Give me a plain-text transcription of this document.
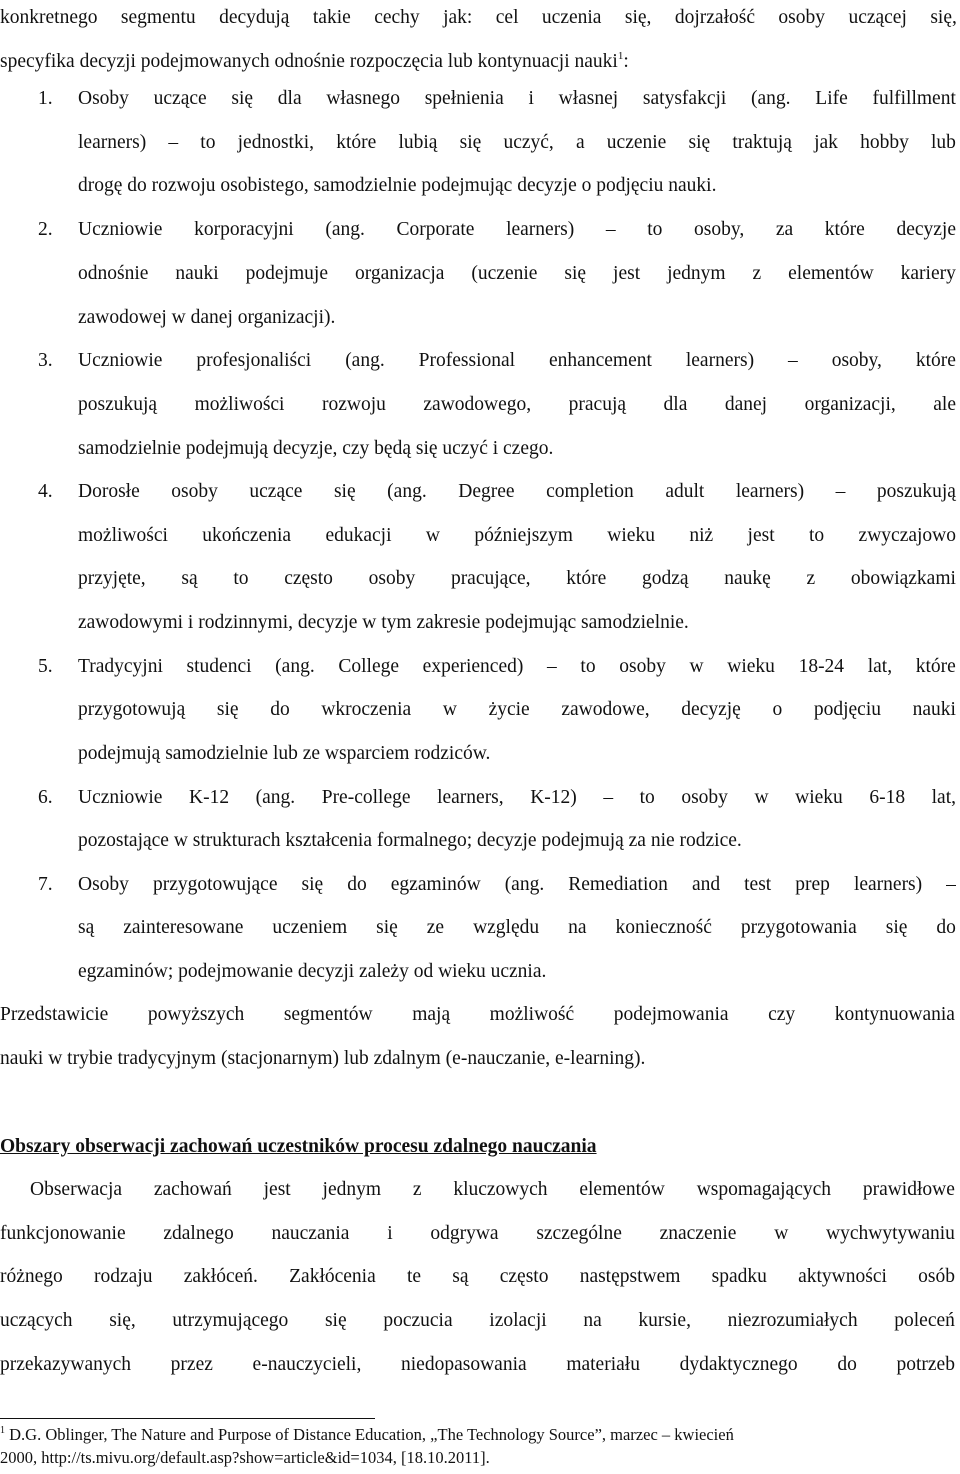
konkretnego segmentu decydują takie cechy jak: cel uczenia się, dojrzałość osoby uczącej się,
specyfika decyzji podejmowanych odnośnie rozpoczęcia lub kontynuacji nauki$^1$:
1. Osoby uczące się dla własnego spełnienia i własnej satysfakcji (ang. Life fulfillment
learners) – to jednostki, które lubią się uczyć, a uczenie się traktują jak hobby lub
drogę do rozwoju osobistego, samodzielnie podejmując decyzje o podjęciu nauki.
2. Uczniowie korporacyjni (ang. Corporate learners) – to osoby, za które decyzje
odnośnie nauki podejmuje organizacja (uczenie się jest jednym z elementów kariery
zawodowej w danej organizacji).
3. Uczniowie profesjonaliści (ang. Professional enhancement learners) – osoby, które
poszukują możliwości rozwoju zawodowego, pracują dla danej organizacji, ale
samodzielnie podejmują decyzje, czy będą się uczyć i czego.
4. Dorosłe osoby uczące się (ang. Degree completion adult learners) – poszukują
możliwości ukończenia edukacji w późniejszym wieku niż jest to zwyczajowo
przyjęte, są to często osoby pracujące, które godzą naukę z obowiązkami
zawodowymi i rodzinnymi, decyzje w tym zakresie podejmując samodzielnie.
5. Tradycyjni studenci (ang. College experienced) – to osoby w wieku 18-24 lat, które
przygotowują się do wkroczenia w życie zawodowe, decyzję o podjęciu nauki
podejmują samodzielnie lub ze wsparciem rodziców.
6. Uczniowie K-12 (ang. Pre-college learners, K-12) – to osoby w wieku 6-18 lat,
pozostające w strukturach kształcenia formalnego; decyzje podejmują za nie rodzice.
7. Osoby przygotowujące się do egzaminów (ang. Remediation and test prep learners) –
są zainteresowane uczeniem się ze względu na konieczność przygotowania się do
egzaminów; podejmowanie decyzji zależy od wieku ucznia.
Przedstawicie powyższych segmentów mają możliwość podejmowania czy kontynuowania
nauki w trybie tradycyjnym (stacjonarnym) lub zdalnym (e-nauczanie, e-learning).
Obszary obserwacji zachowań uczestników procesu zdalnego nauczania
Obserwacja zachowań jest jednym z kluczowych elementów wspomagających prawidłowe
funkcjonowanie zdalnego nauczania i odgrywa szczególne znaczenie w wychwytywaniu
różnego rodzaju zakłóceń. Zakłócenia te są często następstwem spadku aktywności osób
uczących się, utrzymującego się poczucia izolacji na kursie, niezrozumiałych poleceń
przekazywanych przez e-nauczycieli, niedopasowania materiału dydaktycznego do potrzeb
$^1$ D.G. Oblinger, The Nature and Purpose of Distance Education, „The Technology Source”, marzec – kwiecień
2000, http://ts.mivu.org/default.asp?show=article&id=1034, [18.10.2011].
